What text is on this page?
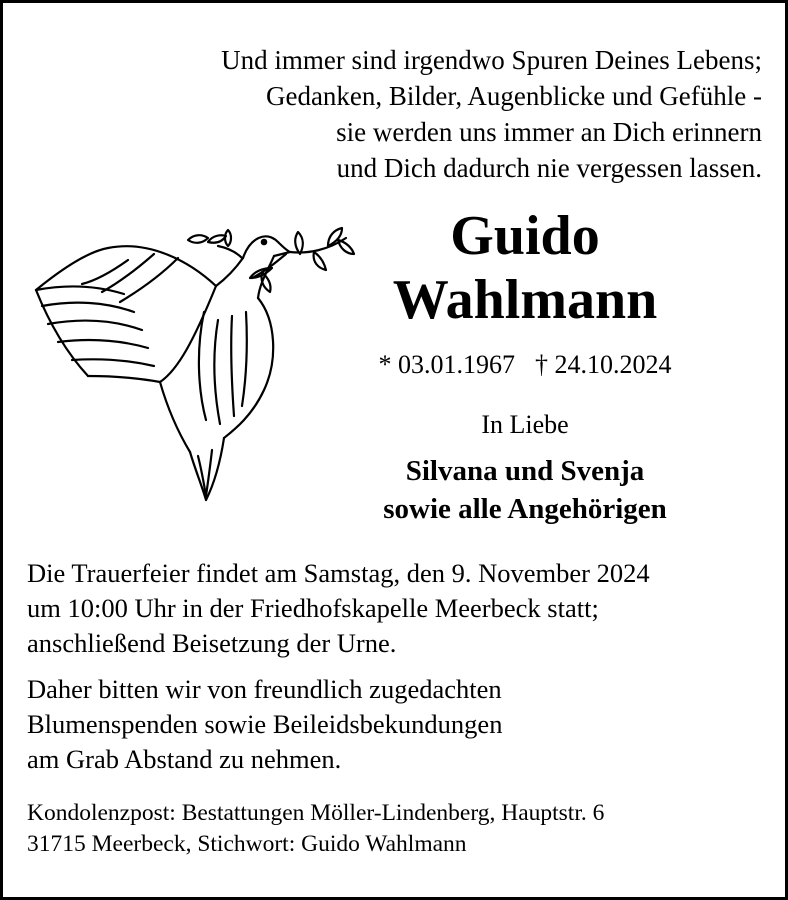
Und immer sind irgendwo Spuren Deines Lebens;
Gedanken, Bilder, Augenblicke und Gefühle -
sie werden uns immer an Dich erinnern
und Dich dadurch nie vergessen lassen.
Guido
Wahlmann
* 03.01.1967 † 24.10.2024
In Liebe
Silvana und Svenja
sowie alle Angehörigen
Die Trauerfeier findet am Samstag, den 9. November 2024
um 10:00 Uhr in der Friedhofskapelle Meerbeck statt;
anschließend Beisetzung der Urne.
Daher bitten wir von freundlich zugedachten
Blumenspenden sowie Beileidsbekundungen
am Grab Abstand zu nehmen.
Kondolenzpost: Bestattungen Möller-Lindenberg, Hauptstr. 6
31715 Meerbeck, Stichwort: Guido Wahlmann
